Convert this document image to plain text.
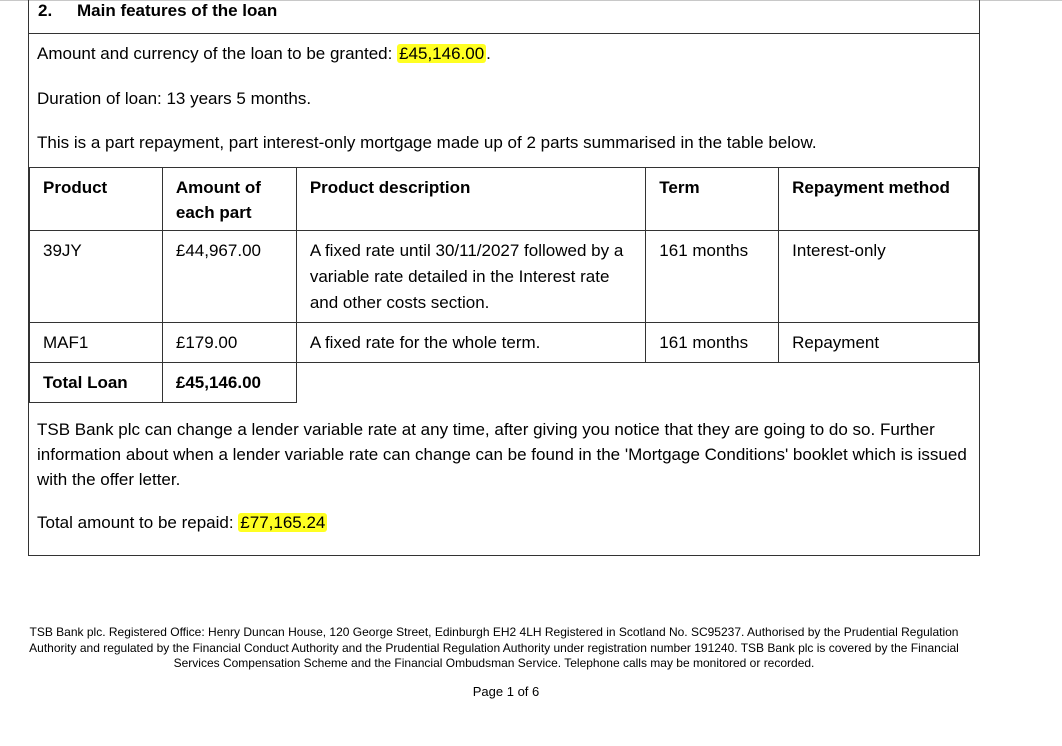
2. Main features of the loan
Amount and currency of the loan to be granted: £45,146.00 .
Duration of loan: 13 years 5 months.
This is a part repayment, part interest-only mortgage made up of 2 parts summarised in the table below.
Product	Amount of each part	Product description	Term	Repayment method
39JY	£44,967.00	A fixed rate until 30/11/2027 followed by a variable rate detailed in the Interest rate and other costs section.	161 months	Interest-only
MAF1	£179.00	A fixed rate for the whole term.	161 months	Repayment
Total Loan	£45,146.00			
TSB Bank plc can change a lender variable rate at any time, after giving you notice that they are going to do so. Further information about when a lender variable rate can change can be found in the 'Mortgage Conditions' booklet which is issued with the offer letter.
Total amount to be repaid: £77,165.24
TSB Bank plc. Registered Office: Henry Duncan House, 120 George Street, Edinburgh EH2 4LH Registered in Scotland No. SC95237. Authorised by the Prudential Regulation Authority and regulated by the Financial Conduct Authority and the Prudential Regulation Authority under registration number 191240. TSB Bank plc is covered by the Financial Services Compensation Scheme and the Financial Ombudsman Service. Telephone calls may be monitored or recorded.
Page 1 of 6
